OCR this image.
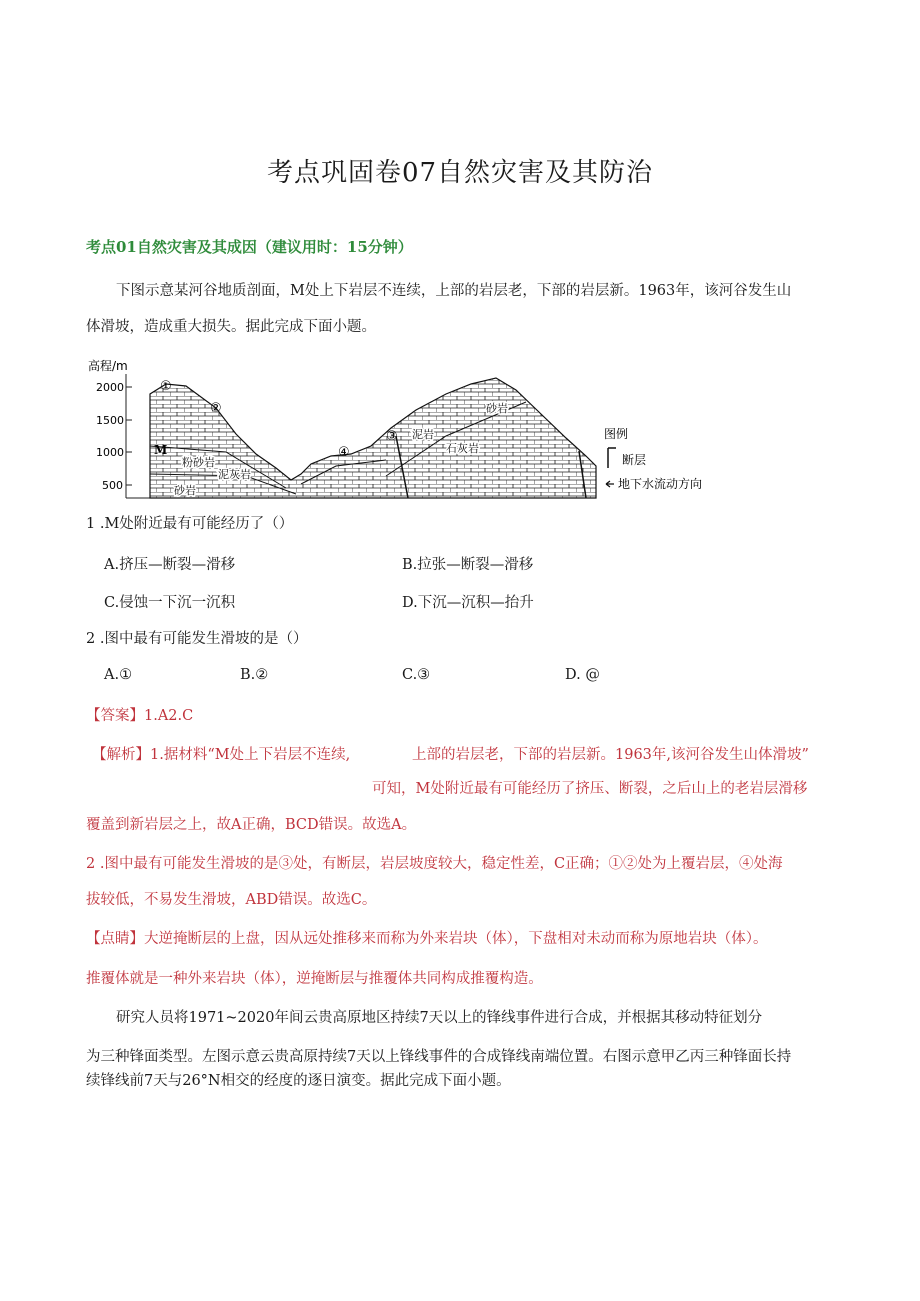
考点巩固卷07自然灾害及其防治
考点01自然灾害及其成因（建议用时：15分钟）
下图示意某河谷地质剖面，M处上下岩层不连续，上部的岩层老，下部的岩层新。1963年，该河谷发生山
体滑坡，造成重大损失。据此完成下面小题。
高程/m
2000
1500
1000
500
①
②
③
④
M
粉砂岩
泥灰岩
砂岩
泥岩
石灰岩
砂岩
图例
断层
地下水流动方向
1 .M处附近最有可能经历了（）
A.挤压—断裂—滑移	B.拉张—断裂—滑移
C.侵蚀一下沉一沉积	D.下沉—沉积—抬升
2 .图中最有可能发生滑坡的是（）
A.①	B.②	C.③	D. @
【答案】1.A2.C
【解析】1.据材料“M处上下岩层不连续,	上部的岩层老，下部的岩层新。1963年,该河谷发生山体滑坡”
可知，M处附近最有可能经历了挤压、断裂，之后山上的老岩层滑移
覆盖到新岩层之上，故A正确，BCD错误。故选A。
2 .图中最有可能发生滑坡的是③处，有断层，岩层坡度较大，稳定性差，C正确；①②处为上覆岩层，④处海
拔较低，不易发生滑坡，ABD错误。故选C。
【点睛】大逆掩断层的上盘，因从远处推移来而称为外来岩块（体），下盘相对未动而称为原地岩块（体）。
推覆体就是一种外来岩块（体），逆掩断层与推覆体共同构成推覆构造。
研究人员将1971~2020年间云贵高原地区持续7天以上的锋线事件进行合成，并根据其移动特征划分
为三种锋面类型。左图示意云贵高原持续7天以上锋线事件的合成锋线南端位置。右图示意甲乙丙三种锋面长持
续锋线前7天与26°N相交的经度的逐日演变。据此完成下面小题。
